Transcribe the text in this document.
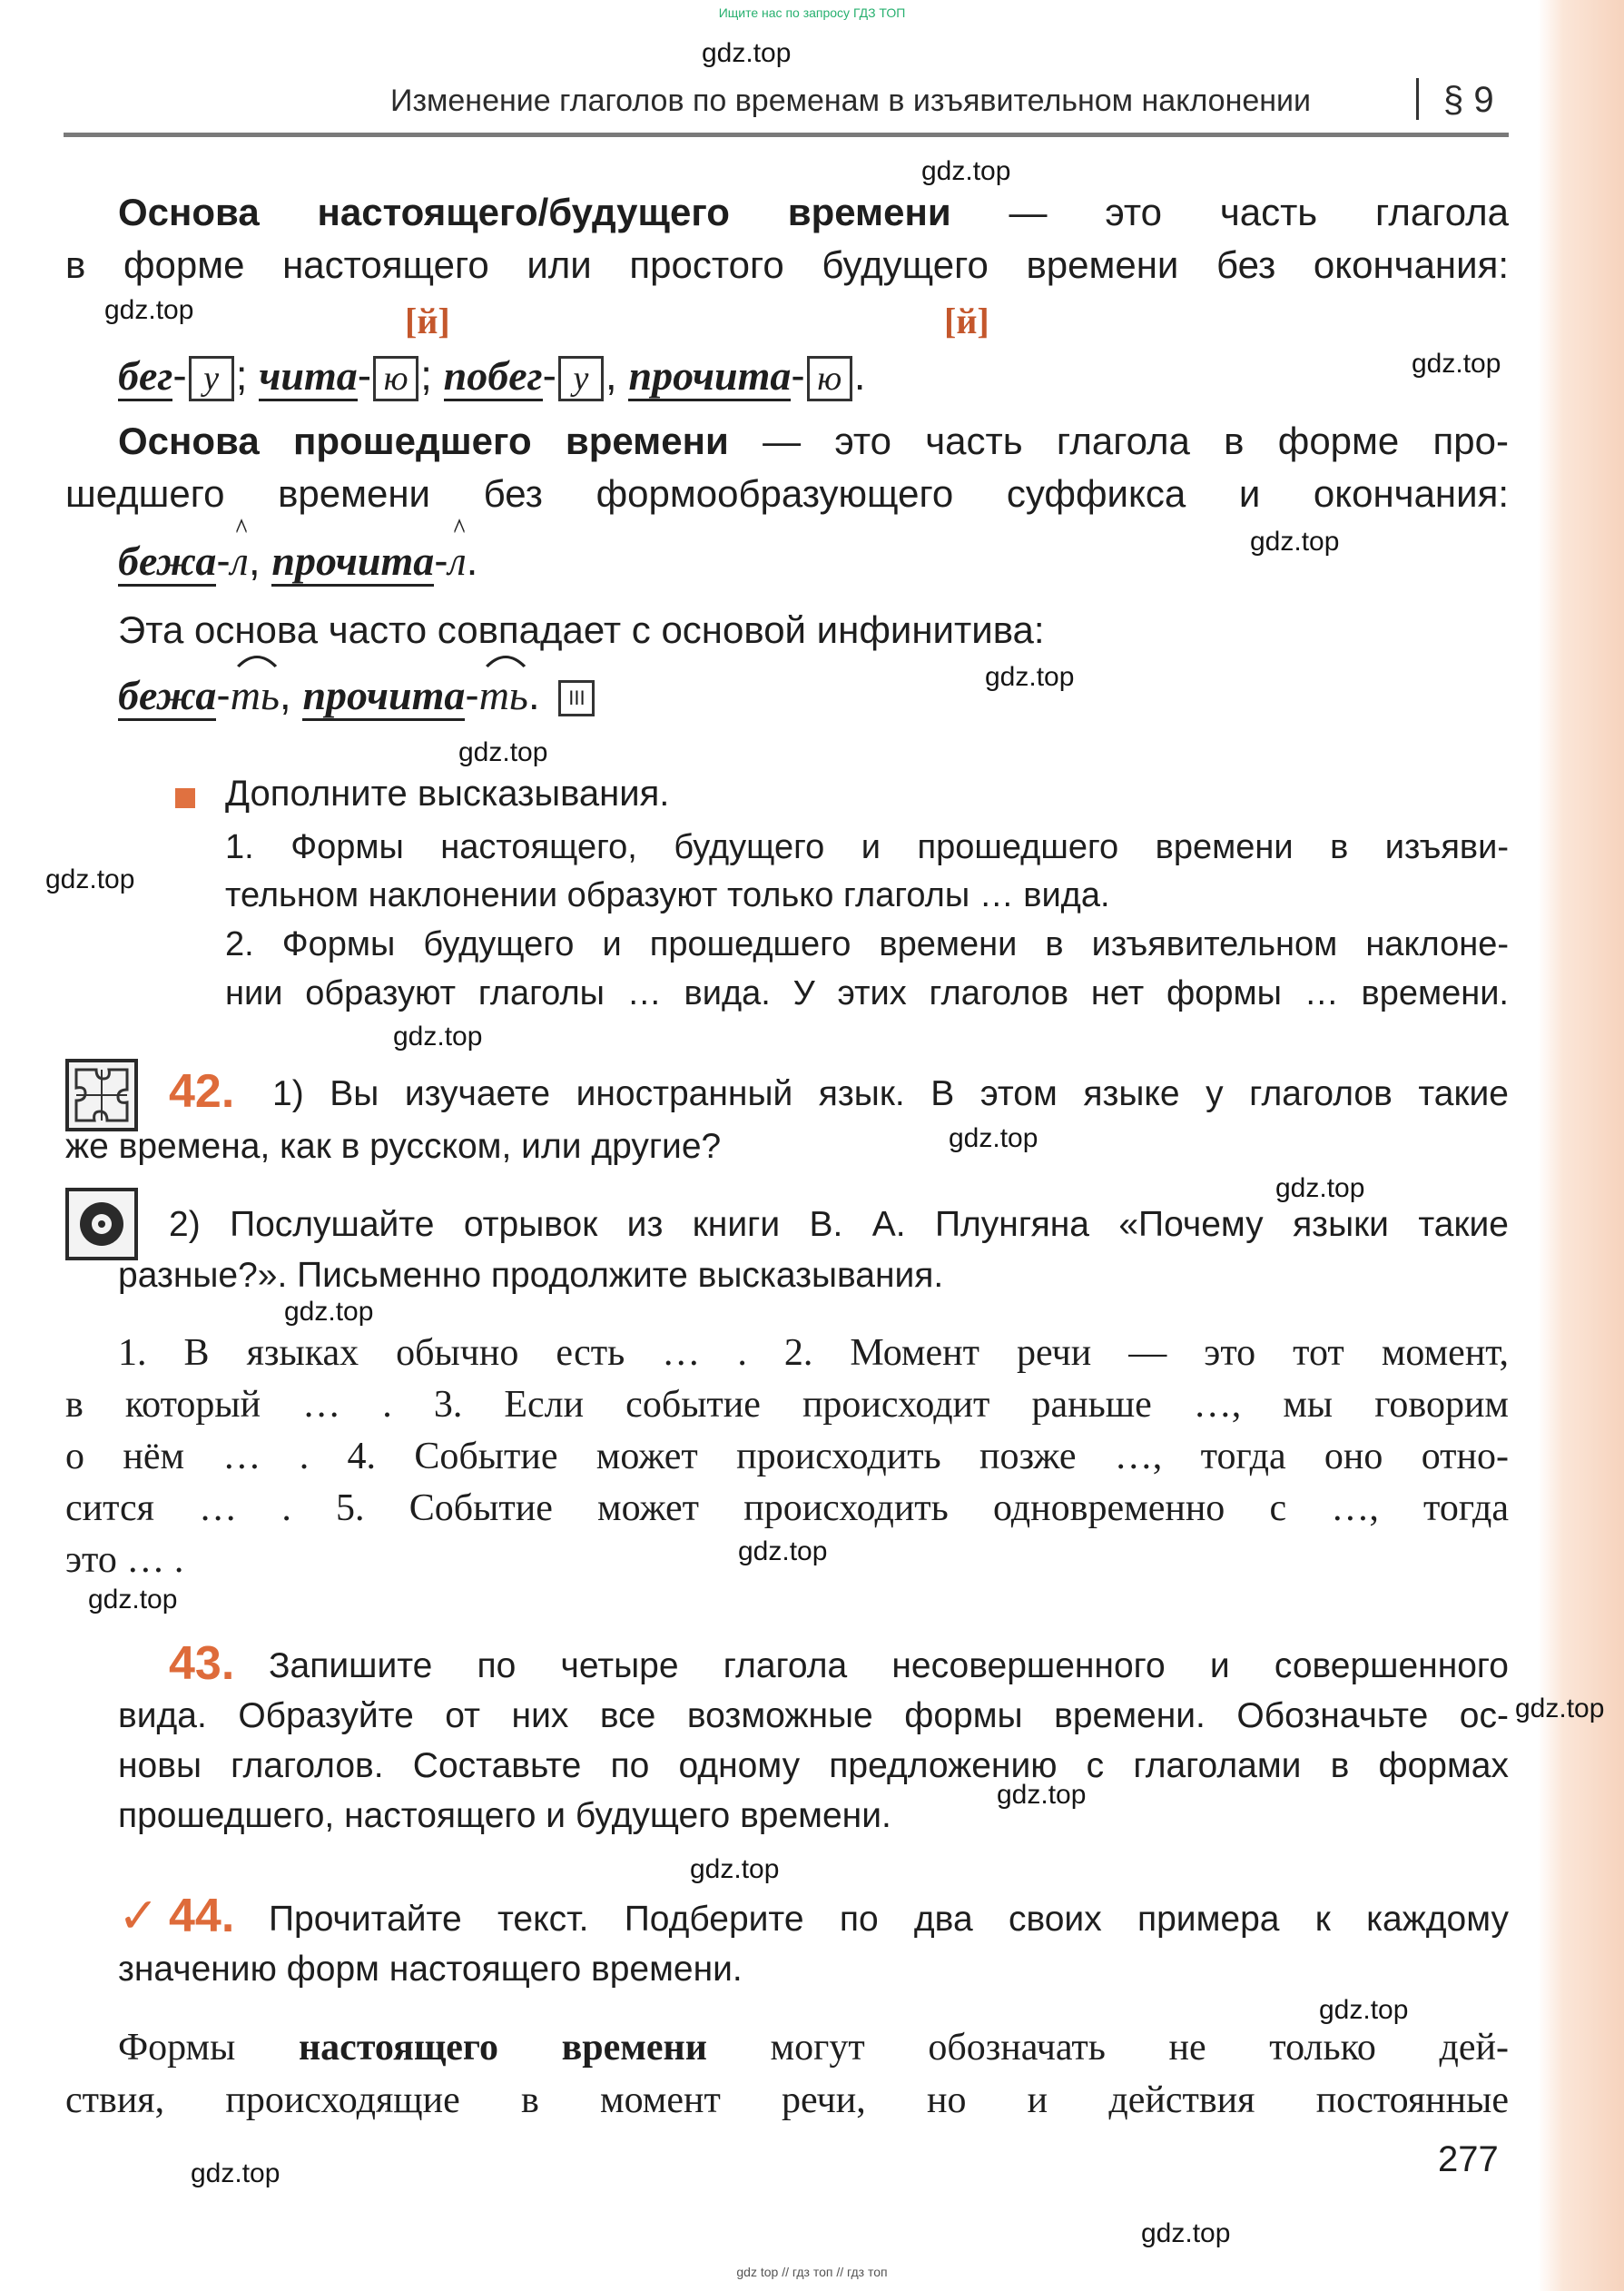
Ищите нас по запросу ГДЗ ТОП
gdz.top
gdz.top
gdz.top
gdz.top
gdz.top
gdz.top
gdz.top
gdz.top
gdz.top
gdz.top
gdz.top
gdz.top
gdz.top
gdz.top
gdz.top
gdz.top
gdz.top
gdz.top
gdz.top
gdz.top
Изменение глаголов по временам в изъявительном наклонении	§ 9
Основа настоящего/будущего времени — это часть глагола
в форме настоящего или простого будущего времени без окончания:
[й]	[й]
бег- у ; чита- ю ; побег- у , прочита- ю .
Основа прошедшего времени — это часть глагола в форме про-
шедшего времени без формообразующего суффикса и окончания:
бежа-
л, прочита-
л.
Эта основа часто совпадает с основой инфинитива:
бежа-
ть, прочита-
ть. III
Дополните высказывания.
1. Формы настоящего, будущего и прошедшего времени в изъяви-
тельном наклонении образуют только глаголы … вида.
2. Формы будущего и прошедшего времени в изъявительном наклоне-
нии образуют глаголы … вида. У этих глаголов нет формы … времени.
42. 1) Вы изучаете иностранный язык. В этом языке у глаголов такие
же времена, как в русском, или другие?
2) Послушайте отрывок из книги В. А. Плунгяна «Почему языки такие
разные?». Письменно продолжите высказывания.
1. В языках обычно есть … . 2. Момент речи — это тот момент,
в который … . 3. Если событие происходит раньше …, мы говорим
о нём … . 4. Событие может происходить позже …, тогда оно отно-
сится … . 5. Событие может происходить одновременно с …, тогда
это … .
43. Запишите по четыре глагола несовершенного и совершенного
вида. Образуйте от них все возможные формы времени. Обозначьте ос-
новы глаголов. Составьте по одному предложению с глаголами в формах
прошедшего, настоящего и будущего времени.
✓ 44. Прочитайте текст. Подберите по два своих примера к каждому
значению форм настоящего времени.
Формы настоящего времени могут обозначать не только дей-
ствия, происходящие в момент речи, но и действия постоянные
277
gdz top // гдз топ // гдз топ
